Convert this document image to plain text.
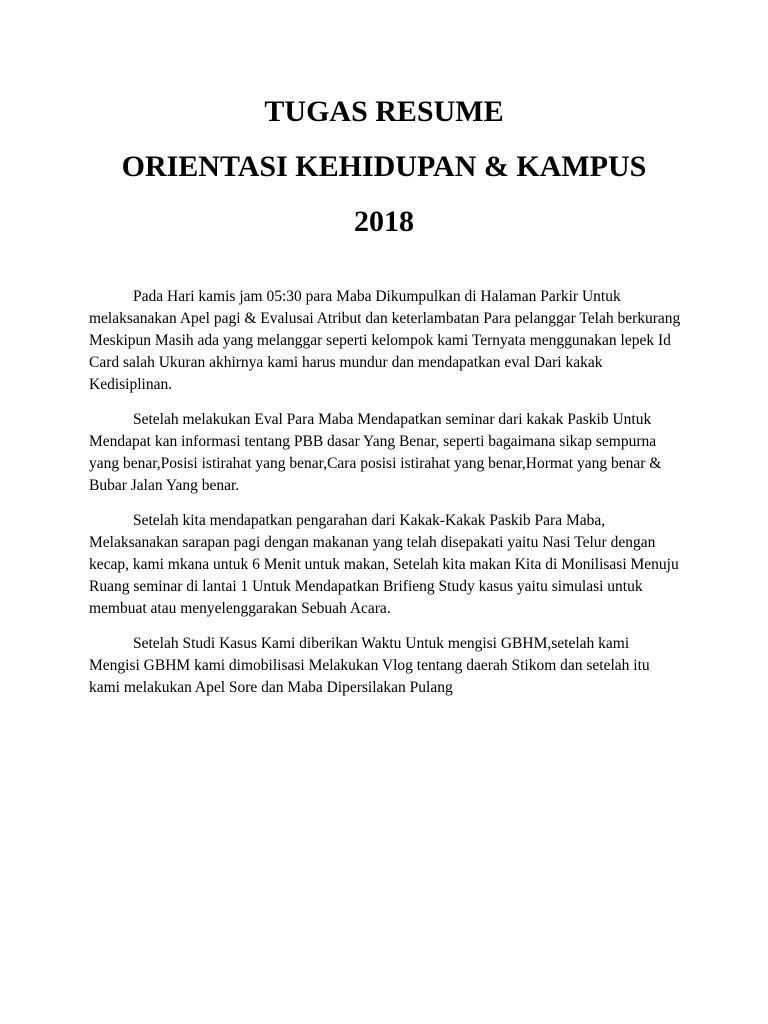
TUGAS RESUME
ORIENTASI KEHIDUPAN & KAMPUS
2018

Pada Hari kamis jam 05:30 para Maba Dikumpulkan di Halaman Parkir Untuk melaksanakan Apel pagi & Evalusai Atribut dan keterlambatan Para pelanggar Telah berkurang Meskipun Masih ada yang melanggar seperti kelompok kami Ternyata menggunakan lepek Id Card salah Ukuran akhirnya kami harus mundur dan mendapatkan eval Dari kakak Kedisiplinan.

Setelah melakukan Eval Para Maba Mendapatkan seminar dari kakak Paskib Untuk Mendapat kan informasi tentang PBB dasar Yang Benar, seperti bagaimana sikap sempurna yang benar,Posisi istirahat yang benar,Cara posisi istirahat yang benar,Hormat yang benar & Bubar Jalan Yang benar.

Setelah kita mendapatkan pengarahan dari Kakak-Kakak Paskib Para Maba, Melaksanakan sarapan pagi dengan makanan yang telah disepakati yaitu Nasi Telur dengan kecap, kami mkana untuk 6 Menit untuk makan, Setelah kita makan Kita di Monilisasi Menuju Ruang seminar di lantai 1 Untuk Mendapatkan Brifieng Study kasus yaitu simulasi untuk membuat atau menyelenggarakan Sebuah Acara.

Setelah Studi Kasus Kami diberikan Waktu Untuk mengisi GBHM,setelah kami Mengisi GBHM kami dimobilisasi Melakukan Vlog tentang daerah Stikom dan setelah itu kami melakukan Apel Sore dan Maba Dipersilakan Pulang
